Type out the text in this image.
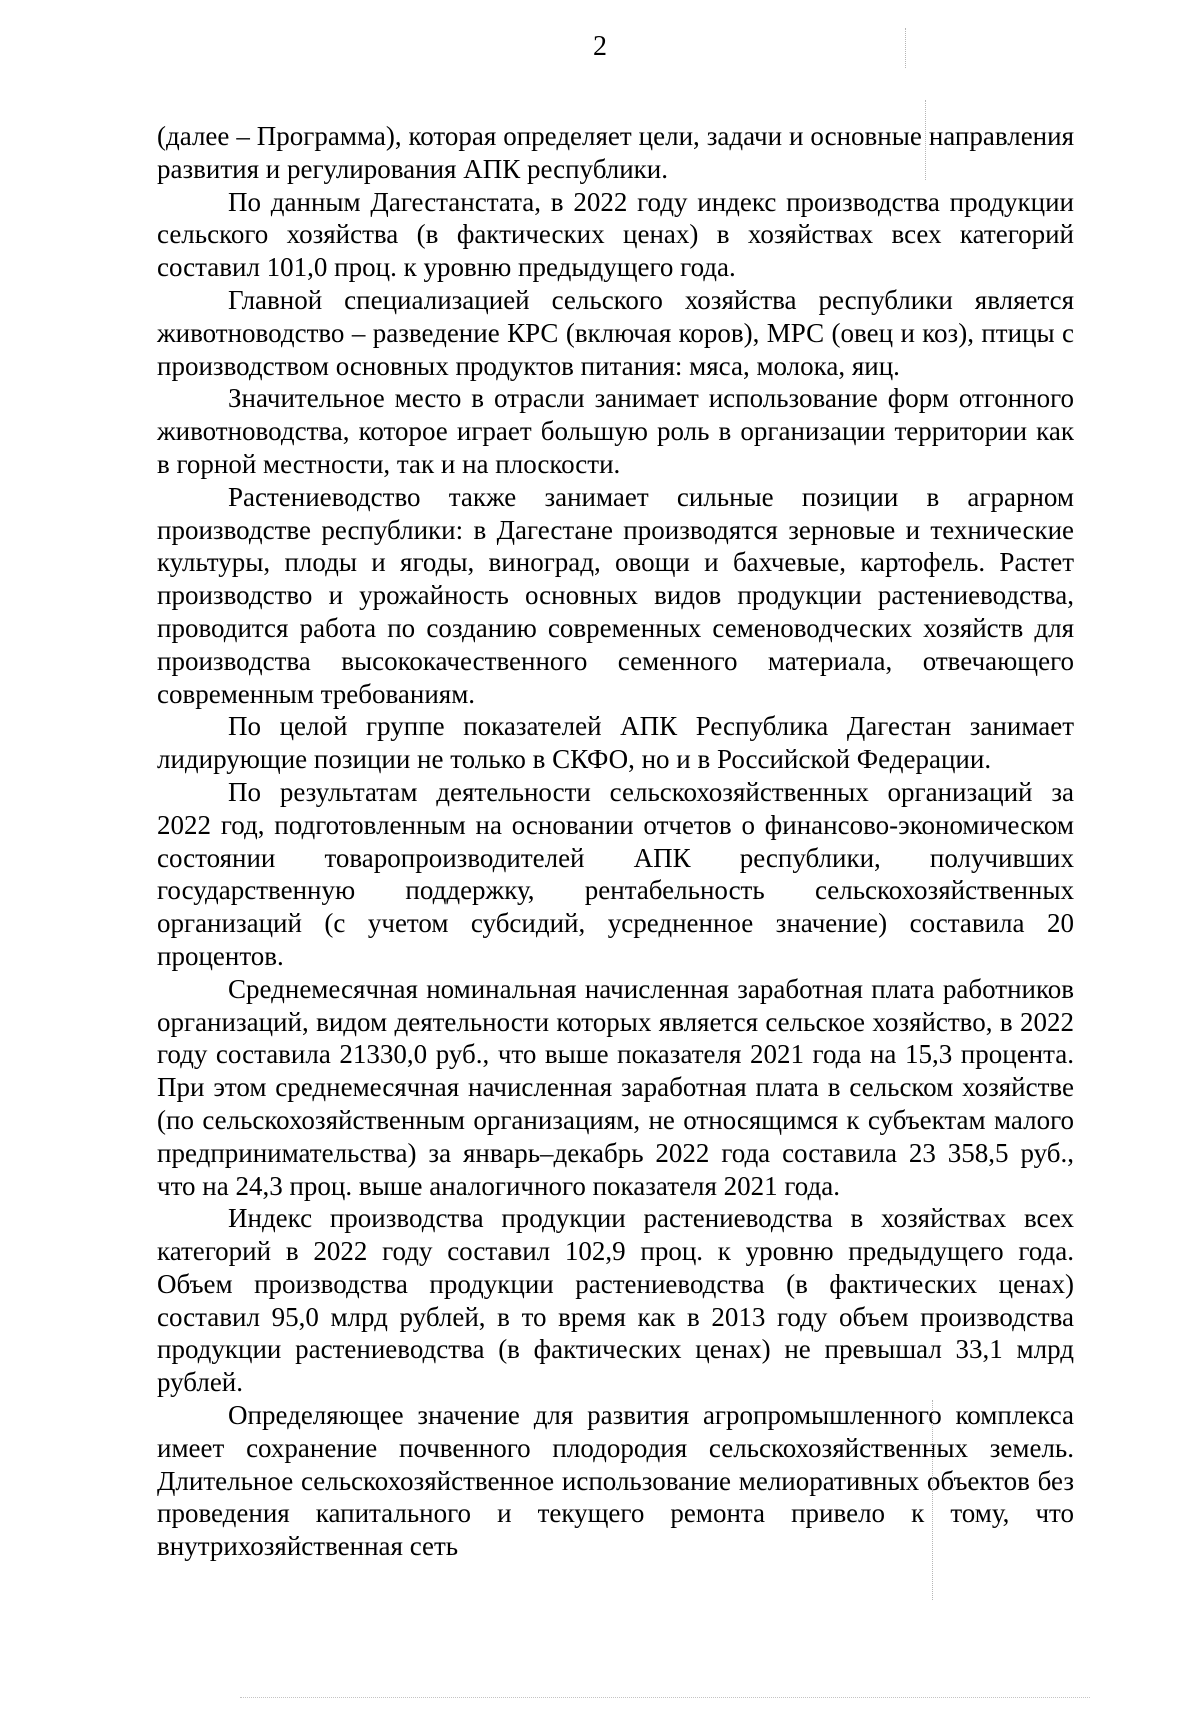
2

(далее – Программа), которая определяет цели, задачи и основные направления развития и регулирования АПК республики.

По данным Дагестанстата, в 2022 году индекс производства продукции сельского хозяйства (в фактических ценах) в хозяйствах всех категорий составил 101,0 проц. к уровню предыдущего года.

Главной специализацией сельского хозяйства республики является животноводство – разведение КРС (включая коров), МРС (овец и коз), птицы с производством основных продуктов питания: мяса, молока, яиц.

Значительное место в отрасли занимает использование форм отгонного животноводства, которое играет большую роль в организации территории как в горной местности, так и на плоскости.

Растениеводство также занимает сильные позиции в аграрном производстве республики: в Дагестане производятся зерновые и технические культуры, плоды и ягоды, виноград, овощи и бахчевые, картофель. Растет производство и урожайность основных видов продукции растениеводства, проводится работа по созданию современных семеноводческих хозяйств для производства высококачественного семенного материала, отвечающего современным требованиям.

По целой группе показателей АПК Республика Дагестан занимает лидирующие позиции не только в СКФО, но и в Российской Федерации.

По результатам деятельности сельскохозяйственных организаций за 2022 год, подготовленным на основании отчетов о финансово-экономическом состоянии товаропроизводителей АПК республики, получивших государственную поддержку, рентабельность сельскохозяйственных организаций (с учетом субсидий, усредненное значение) составила 20 процентов.

Среднемесячная номинальная начисленная заработная плата работников организаций, видом деятельности которых является сельское хозяйство, в 2022 году составила 21330,0 руб., что выше показателя 2021 года на 15,3 процента. При этом среднемесячная начисленная заработная плата в сельском хозяйстве (по сельскохозяйственным организациям, не относящимся к субъектам малого предпринимательства) за январь–декабрь 2022 года составила 23 358,5 руб., что на 24,3 проц. выше аналогичного показателя 2021 года.

Индекс производства продукции растениеводства в хозяйствах всех категорий в 2022 году составил 102,9 проц. к уровню предыдущего года. Объем производства продукции растениеводства (в фактических ценах) составил 95,0 млрд рублей, в то время как в 2013 году объем производства продукции растениеводства (в фактических ценах) не превышал 33,1 млрд рублей.

Определяющее значение для развития агропромышленного комплекса имеет сохранение почвенного плодородия сельскохозяйственных земель. Длительное сельскохозяйственное использование мелиоративных объектов без проведения капитального и текущего ремонта привело к тому, что внутрихозяйственная сеть
